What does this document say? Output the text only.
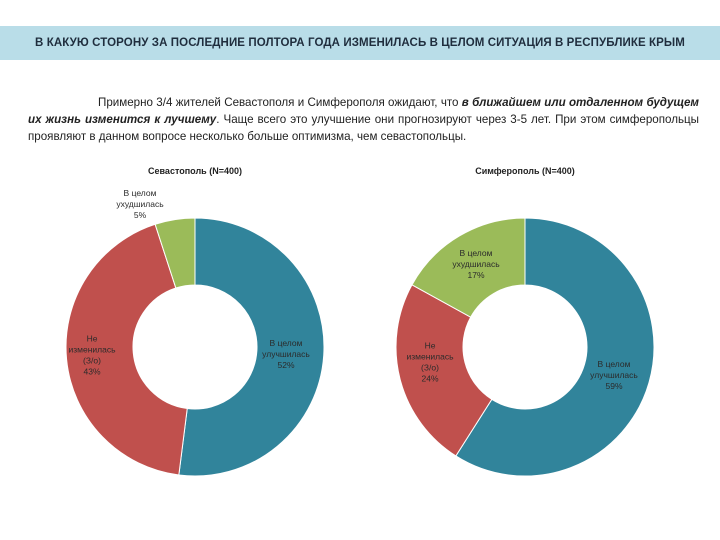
В КАКУЮ СТОРОНУ ЗА ПОСЛЕДНИЕ ПОЛТОРА ГОДА ИЗМЕНИЛАСЬ В ЦЕЛОМ СИТУАЦИЯ В РЕСПУБЛИКЕ КРЫМ
Примерно 3/4 жителей Севастополя и Симферополя ожидают, что в ближайшем или отдаленном будущем их жизнь изменится к лучшему. Чаще всего это улучшение они прогнозируют через 3-5 лет. При этом симферопольцы проявляют в данном вопросе несколько больше оптимизма, чем севастопольцы.
Севастополь (N=400)	Симферополь (N=400)
В целом улучшилась 52%
Не изменилась (З/о) 43%
В целом ухудшилась 5%
В целом улучшилась 59%
Не изменилась (З/о) 24%
В целом ухудшилась 17%
